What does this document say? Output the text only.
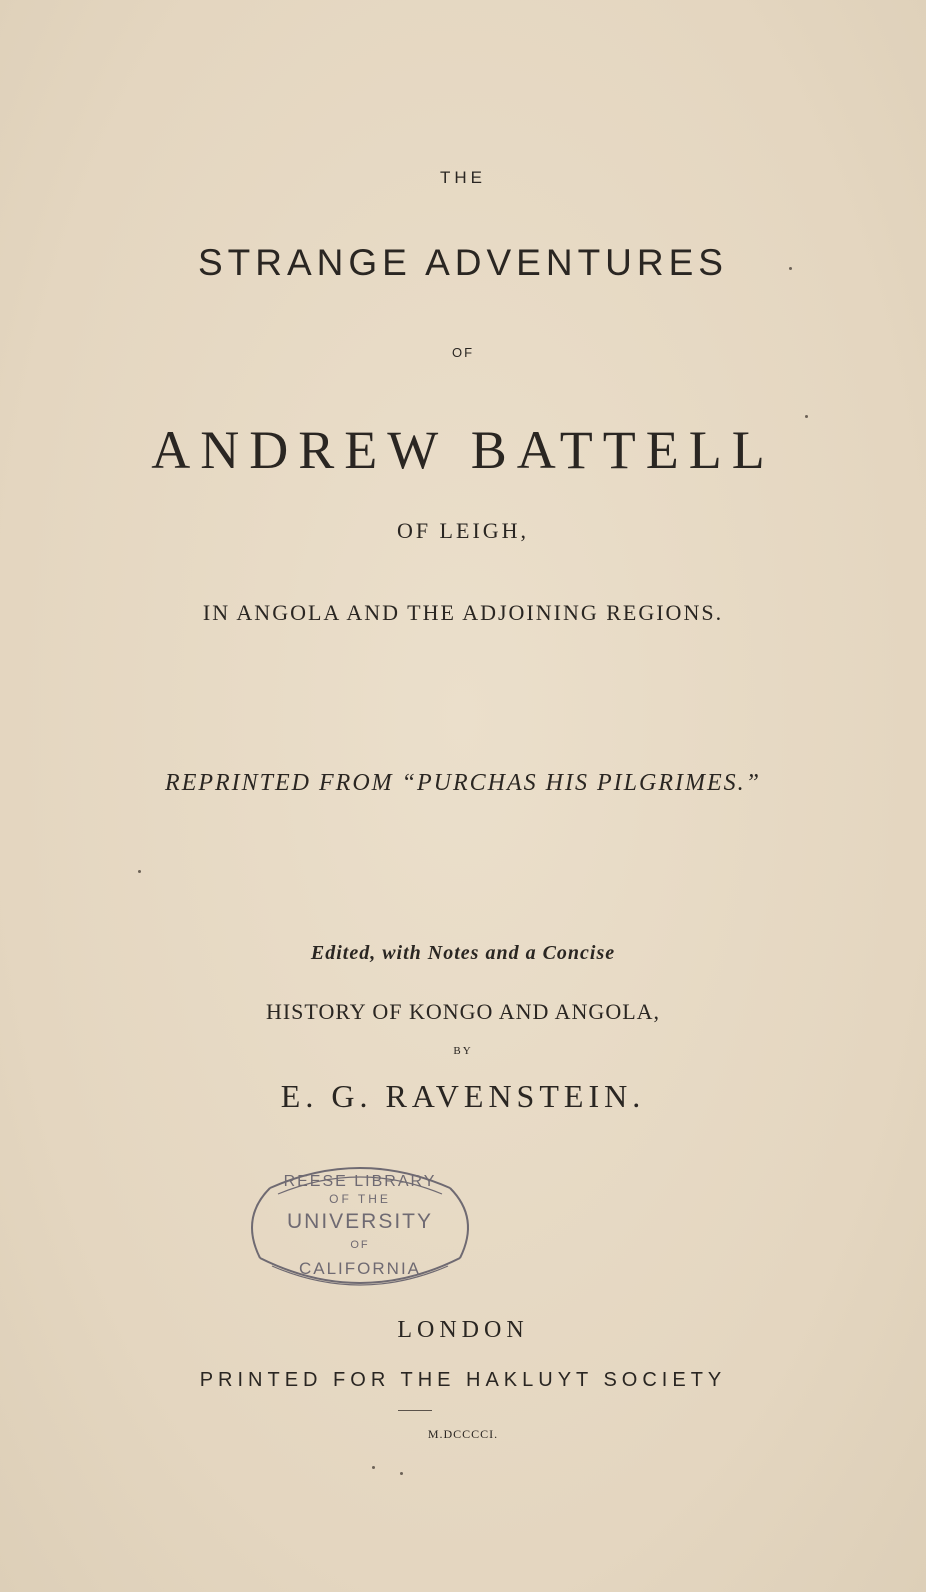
THE
STRANGE ADVENTURES
OF
ANDREW BATTELL
OF LEIGH,
IN ANGOLA AND THE ADJOINING REGIONS.
REPRINTED FROM “PURCHAS HIS PILGRIMES.”
Edited, with Notes and a Concise
HISTORY OF KONGO AND ANGOLA,
BY
E. G. RAVENSTEIN.
REESE LIBRARY
OF THE
UNIVERSITY
OF
CALIFORNIA
LONDON
PRINTED FOR THE HAKLUYT SOCIETY
M.DCCCCI.
